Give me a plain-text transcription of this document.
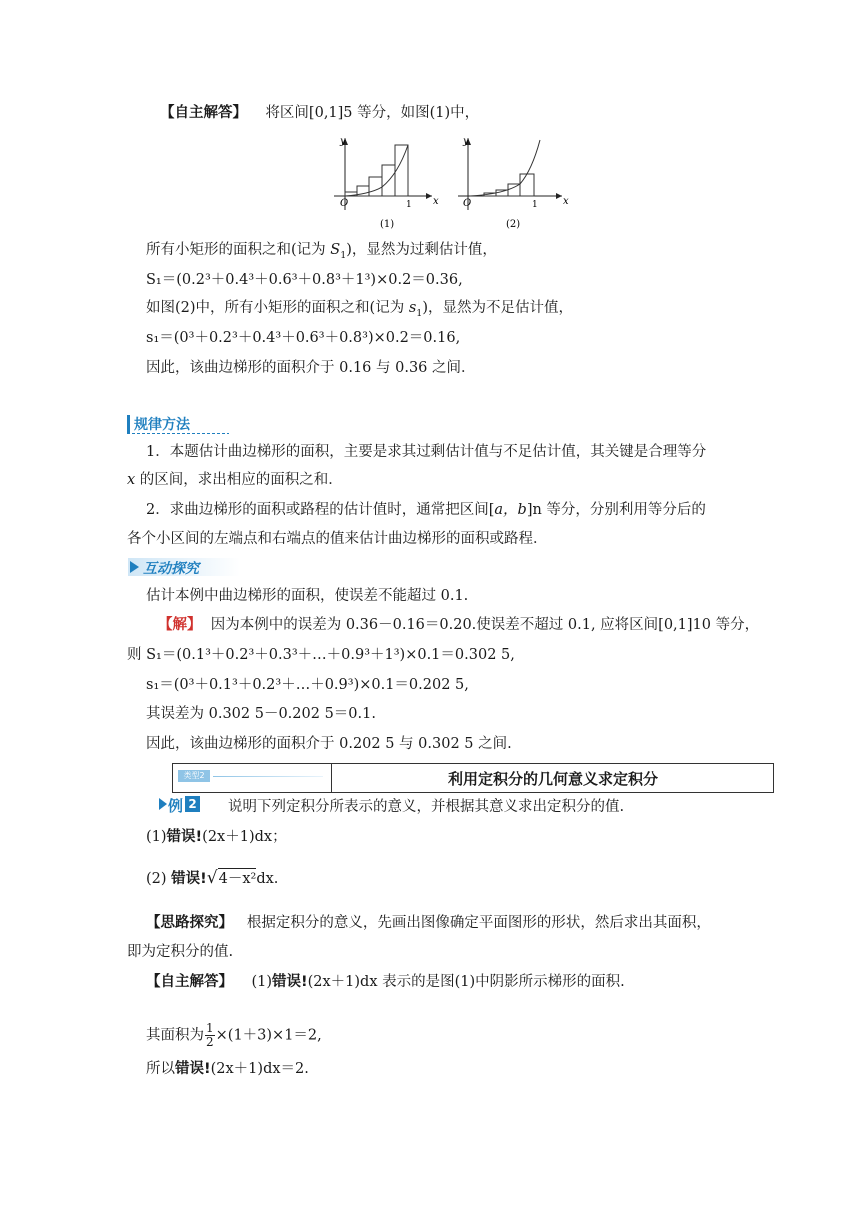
【自主解答】 将区间[0,1]5 等分，如图(1)中，
O
y
x
1
(1)
O
y
x
1
(2)
所有小矩形的面积之和(记为 $S_1$)，显然为过剩估计值，
S₁＝(0.2³＋0.4³＋0.6³＋0.8³＋1³)×0.2＝0.36,
如图(2)中，所有小矩形的面积之和(记为 $s_1$)，显然为不足估计值，
s₁＝(0³＋0.2³＋0.4³＋0.6³＋0.8³)×0.2＝0.16,
因此，该曲边梯形的面积介于 0.16 与 0.36 之间．
规律方法
1．本题估计曲边梯形的面积，主要是求其过剩估计值与不足估计值，其关键是合理等分
x 的区间，求出相应的面积之和．
2．求曲边梯形的面积或路程的估计值时，通常把区间[a，b]n 等分，分别利用等分后的
各个小区间的左端点和右端点的值来估计曲边梯形的面积或路程．
互动探究
估计本例中曲边梯形的面积，使误差不能超过 0.1.
【解】 因为本例中的误差为 0.36－0.16＝0.20.使误差不超过 0.1, 应将区间[0,1]10 等分，
则 S₁＝(0.1³＋0.2³＋0.3³＋…＋0.9³＋1³)×0.1＝0.302 5,
s₁＝(0³＋0.1³＋0.2³＋…＋0.9³)×0.1＝0.202 5,
其误差为 0.302 5－0.202 5＝0.1.
因此，该曲边梯形的面积介于 0.202 5 与 0.302 5 之间.
类型2	利用定积分的几何意义求定积分
例 2 说明下列定积分所表示的意义，并根据其意义求出定积分的值.
(1)错误!(2x＋1)dx；
(2) 错误!√4－x²dx.
【思路探究】 根据定积分的意义，先画出图像确定平面图形的形状，然后求出其面积，
即为定积分的值.
【自主解答】 (1)错误!(2x＋1)dx 表示的是图(1)中阴影所示梯形的面积.
其面积为 $\frac{1}{2} \times(1+3)\times 1=2$,
所以错误!(2x＋1)dx＝2.
